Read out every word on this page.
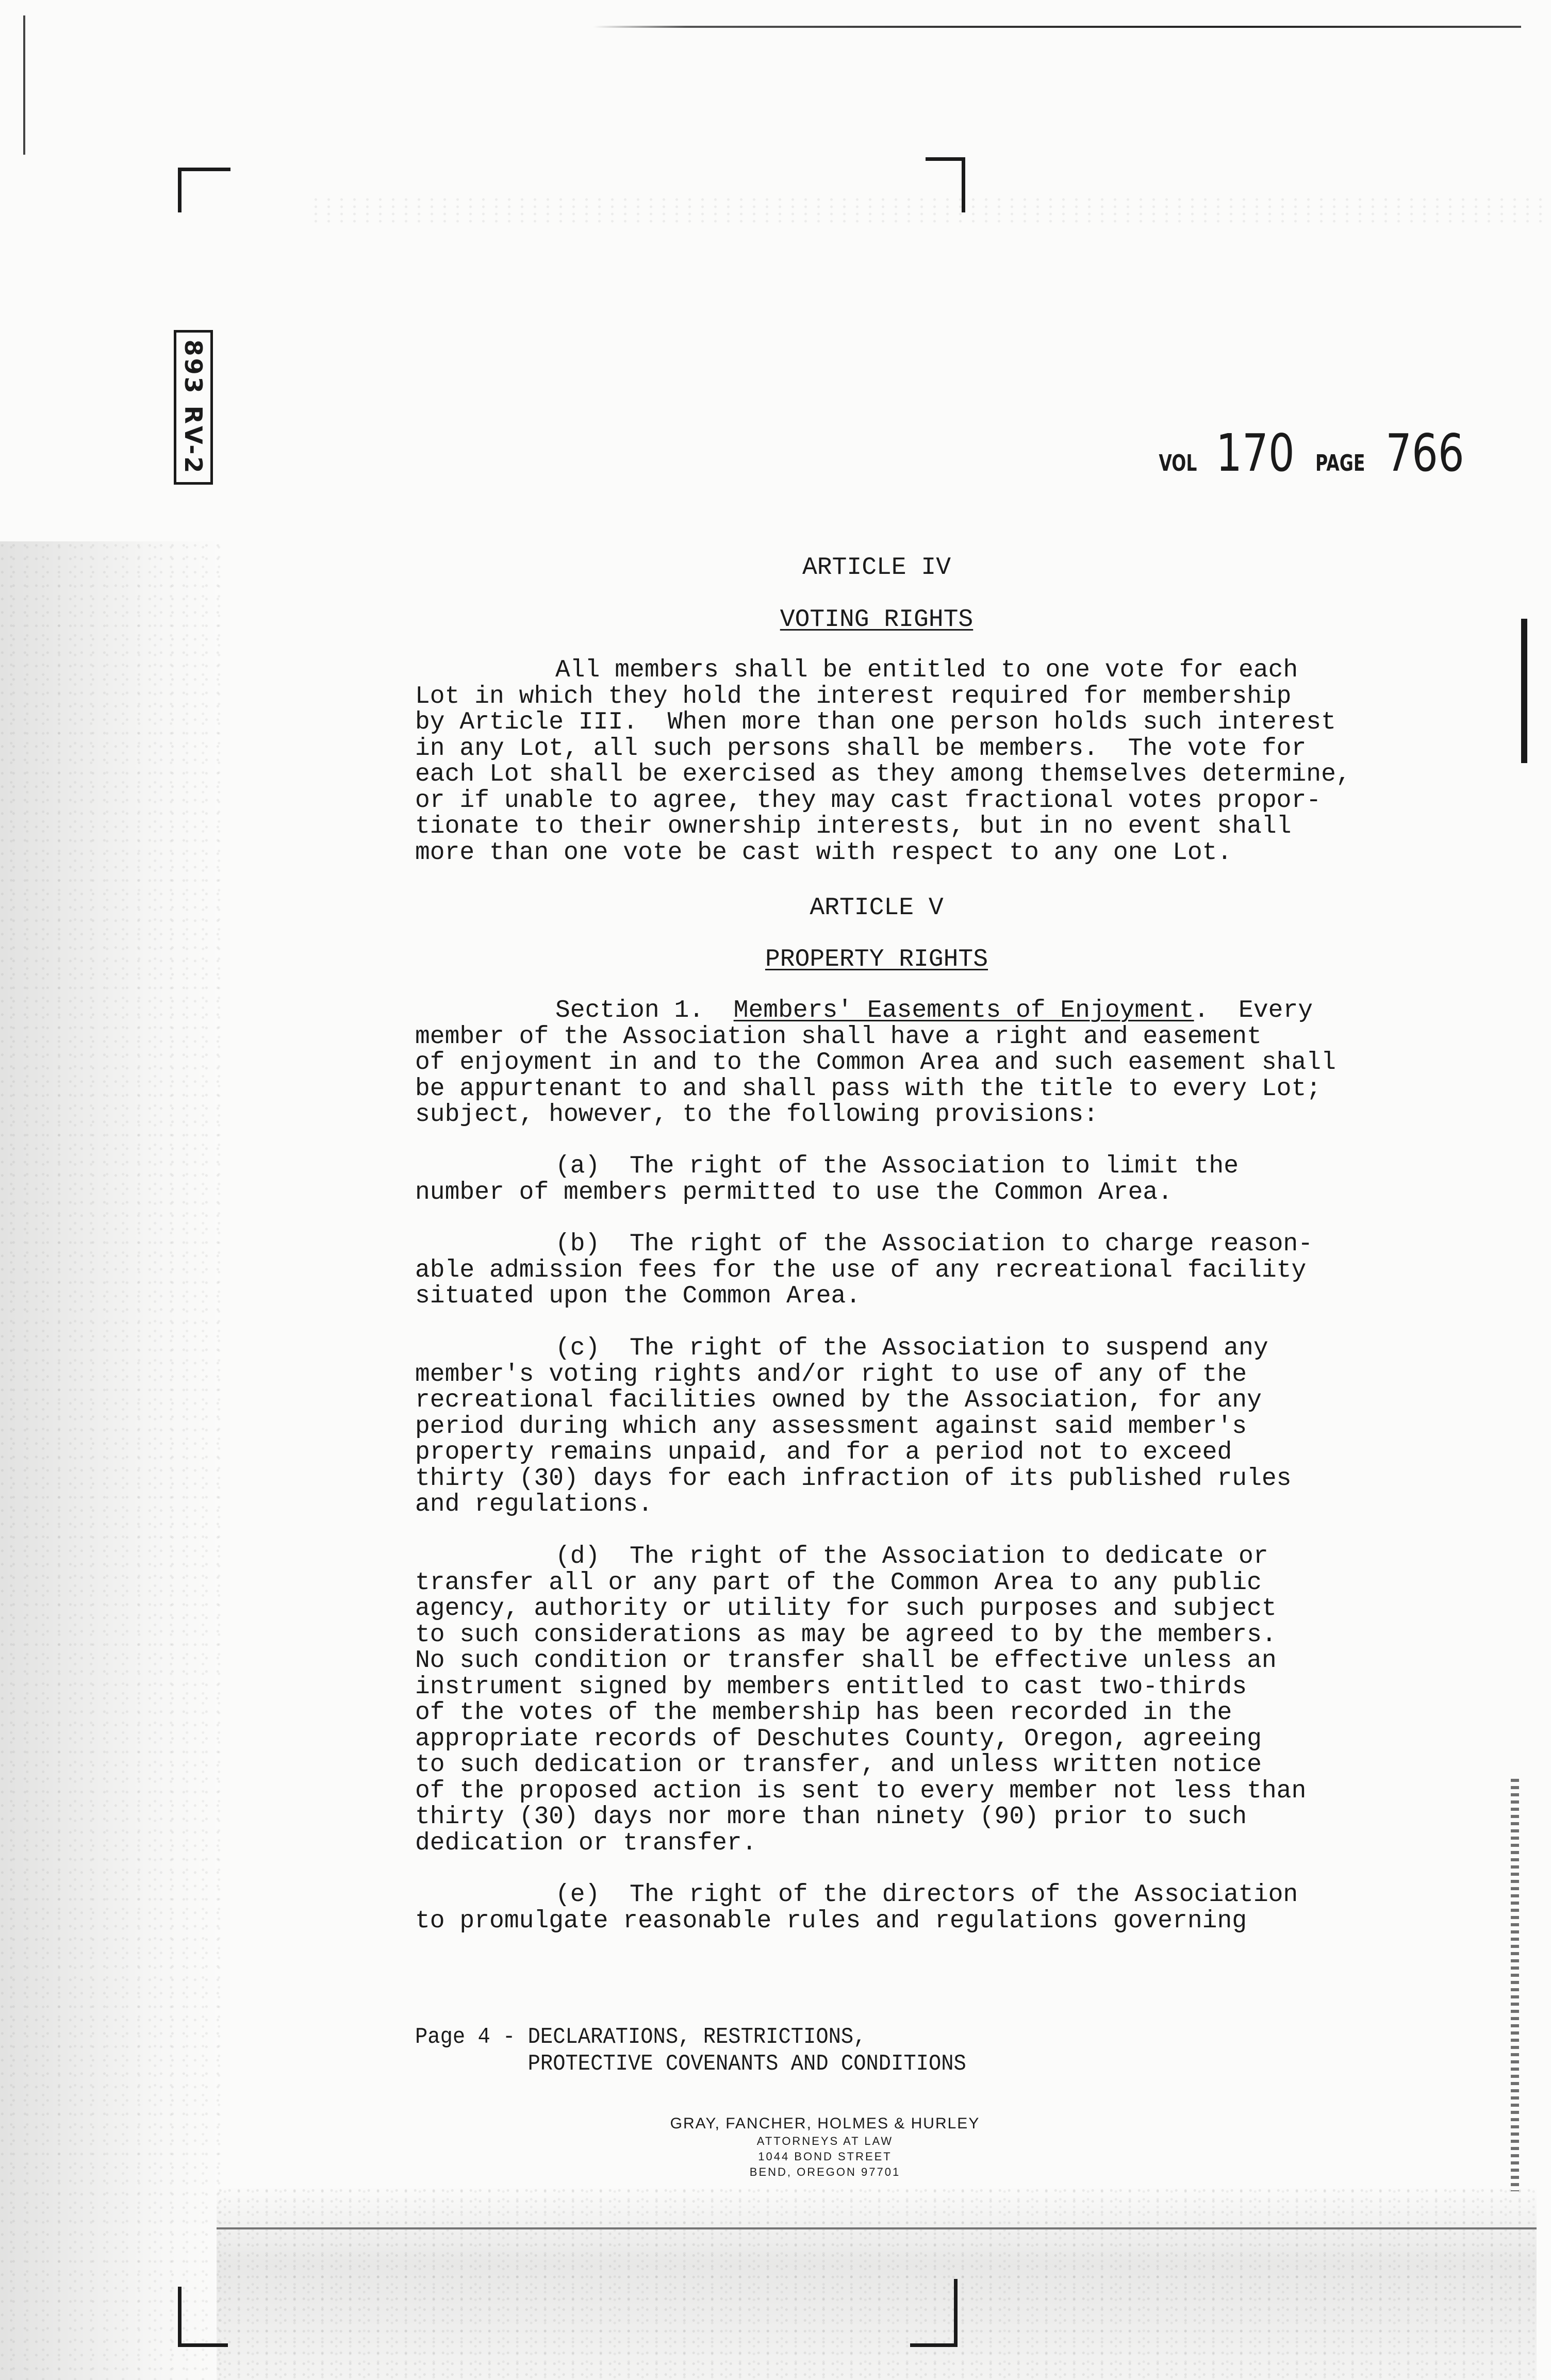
893 RV-2	VOL 170 PAGE 766
ARTICLE IV
VOTING RIGHTS
All members shall be entitled to one vote for each
Lot in which they hold the interest required for membership
by Article III.  When more than one person holds such interest
in any Lot, all such persons shall be members.  The vote for
each Lot shall be exercised as they among themselves determine,
or if unable to agree, they may cast fractional votes propor-
tionate to their ownership interests, but in no event shall
more than one vote be cast with respect to any one Lot.
ARTICLE V
PROPERTY RIGHTS
Section 1.  Members' Easements of Enjoyment.  Every
member of the Association shall have a right and easement
of enjoyment in and to the Common Area and such easement shall
be appurtenant to and shall pass with the title to every Lot;
subject, however, to the following provisions:
(a)  The right of the Association to limit the
number of members permitted to use the Common Area.
(b)  The right of the Association to charge reason-
able admission fees for the use of any recreational facility
situated upon the Common Area.
(c)  The right of the Association to suspend any
member's voting rights and/or right to use of any of the
recreational facilities owned by the Association, for any
period during which any assessment against said member's
property remains unpaid, and for a period not to exceed
thirty (30) days for each infraction of its published rules
and regulations.
(d)  The right of the Association to dedicate or
transfer all or any part of the Common Area to any public
agency, authority or utility for such purposes and subject
to such considerations as may be agreed to by the members.
No such condition or transfer shall be effective unless an
instrument signed by members entitled to cast two-thirds
of the votes of the membership has been recorded in the
appropriate records of Deschutes County, Oregon, agreeing
to such dedication or transfer, and unless written notice
of the proposed action is sent to every member not less than
thirty (30) days nor more than ninety (90) prior to such
dedication or transfer.
(e)  The right of the directors of the Association
to promulgate reasonable rules and regulations governing
Page 4 - DECLARATIONS, RESTRICTIONS,
PROTECTIVE COVENANTS AND CONDITIONS
GRAY, FANCHER, HOLMES & HURLEY
ATTORNEYS AT LAW
1044 BOND STREET
BEND, OREGON 97701
